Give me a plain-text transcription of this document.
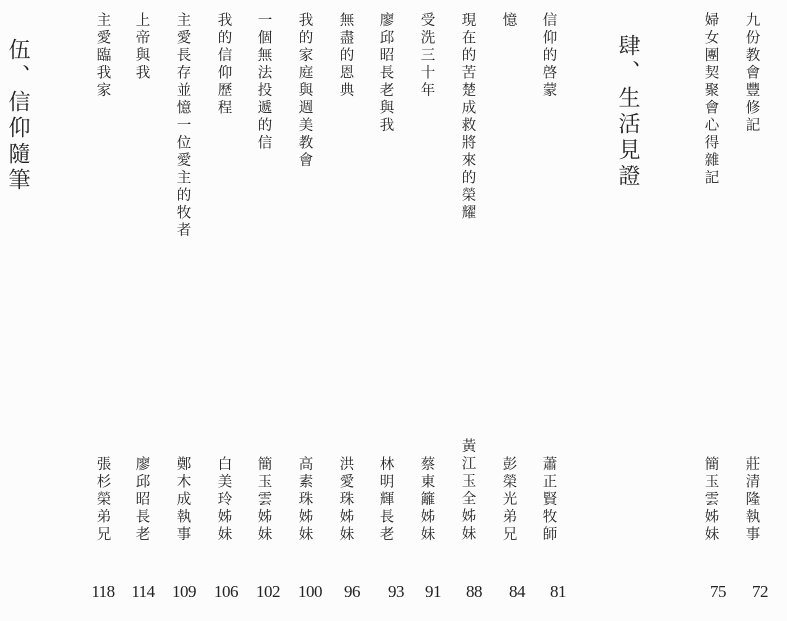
伍、信仰隨筆	肆、生活見證
主愛臨我家
張杉榮弟兄
118
上帝與我
廖邱昭長老
114
主愛長存並憶一位愛主的牧者
鄭木成執事
109
我的信仰歷程
白美玲姊妹
106
一個無法投遞的信
簡玉雲姊妹
102
我的家庭與週美教會
高素珠姊妹
100
無盡的恩典
洪愛珠姊妹
96
廖邱昭長老與我
林明輝長老
93
受洗三十年
蔡東籬姊妹
91
現在的苦楚成救將來的榮耀
黃江玉全姊妹
88
憶
彭榮光弟兄
84
信仰的啓蒙
蕭正賢牧師
81
婦女團契聚會心得雜記
簡玉雲姊妹
75
九份教會豐修記
莊清隆執事
72
